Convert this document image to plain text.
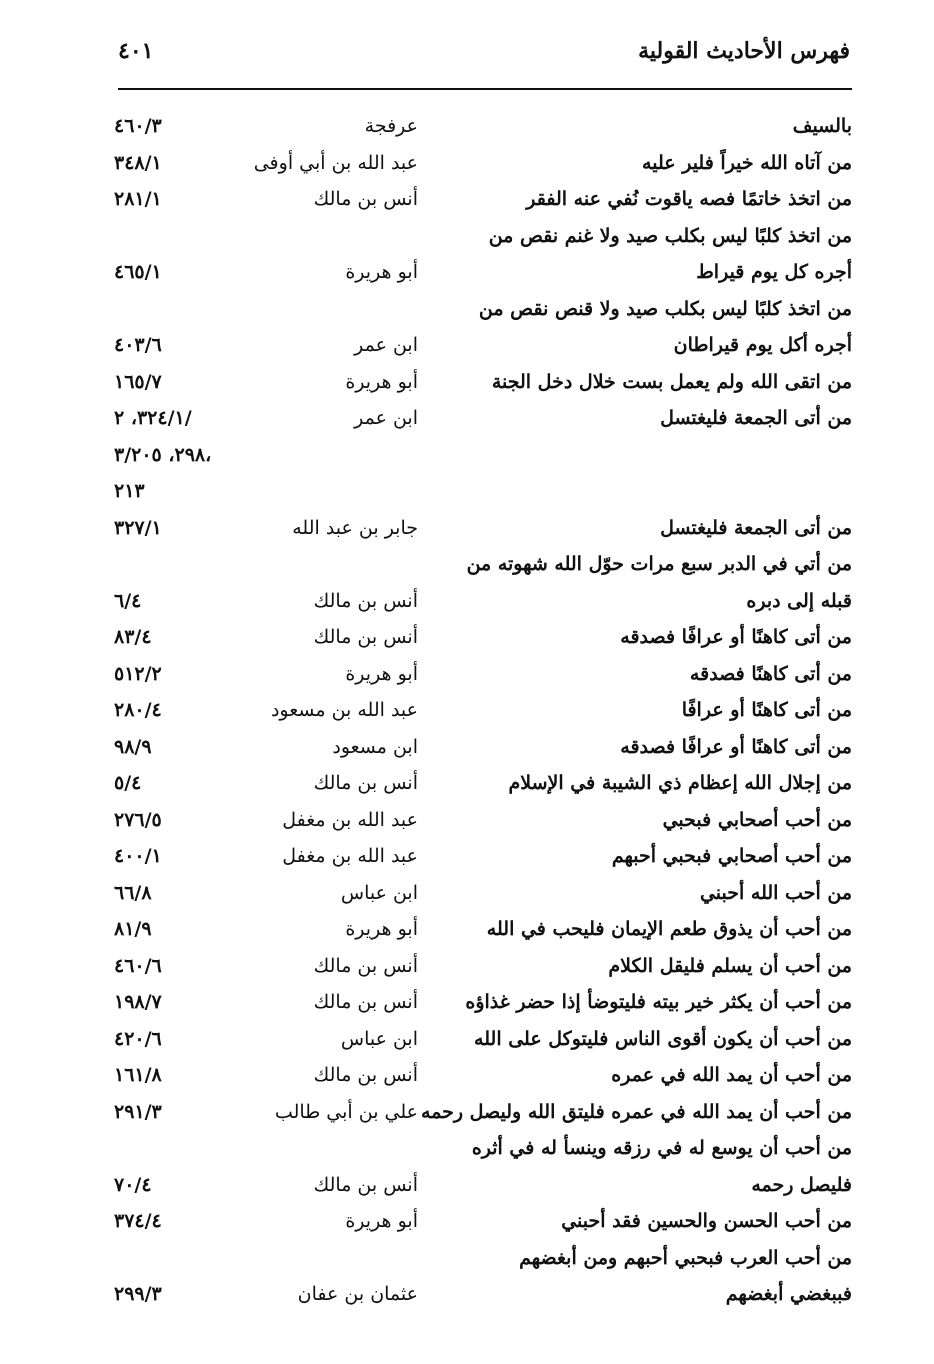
فهرس الأحاديث القولية
٤٠١
بالسيف
عرفجة
٤٦٠/٣
من آتاه الله خيراً فلير عليه
عبد الله بن أبي أوفى
٣٤٨/١
من اتخذ خاتمًا فصه ياقوت نُفي عنه الفقر
أنس بن مالك
٢٨١/١
من اتخذ كلبًا ليس بكلب صيد ولا غنم نقص من
أجره كل يوم قيراط
أبو هريرة
٤٦٥/١
من اتخذ كلبًا ليس بكلب صيد ولا قنص نقص من
أجره أكل يوم قيراطان
ابن عمر
٤٠٣/٦
من اتقى الله ولم يعمل بست خلال دخل الجنة
أبو هريرة
١٦٥/٧
من أتى الجمعة فليغتسل
ابن عمر
٣٢٤/١، ٢/
٢٩٨، ٣/٢٠٥،
٢١٣
من أتى الجمعة فليغتسل
جابر بن عبد الله
٣٢٧/١
من أتي في الدبر سبع مرات حوّل الله شهوته من
قبله إلى دبره
أنس بن مالك
٦/٤
من أتى كاهنًا أو عرافًا فصدقه
أنس بن مالك
٨٣/٤
من أتى كاهنًا فصدقه
أبو هريرة
٥١٢/٢
من أتى كاهنًا أو عرافًا
عبد الله بن مسعود
٢٨٠/٤
من أتى كاهنًا أو عرافًا فصدقه
ابن مسعود
٩٨/٩
من إجلال الله إعظام ذي الشيبة في الإسلام
أنس بن مالك
٥/٤
من أحب أصحابي فبحبي
عبد الله بن مغفل
٢٧٦/٥
من أحب أصحابي فبحبي أحبهم
عبد الله بن مغفل
٤٠٠/١
من أحب الله أحبني
ابن عباس
٦٦/٨
من أحب أن يذوق طعم الإيمان فليحب في الله
أبو هريرة
٨١/٩
من أحب أن يسلم فليقل الكلام
أنس بن مالك
٤٦٠/٦
من أحب أن يكثر خير بيته فليتوضأ إذا حضر غذاؤه
أنس بن مالك
١٩٨/٧
من أحب أن يكون أقوى الناس فليتوكل على الله
ابن عباس
٤٢٠/٦
من أحب أن يمد الله في عمره
أنس بن مالك
١٦١/٨
من أحب أن يمد الله في عمره فليتق الله وليصل رحمه
علي بن أبي طالب
٢٩١/٣
من أحب أن يوسع له في رزقه وينسأ له في أثره
فليصل رحمه
أنس بن مالك
٧٠/٤
من أحب الحسن والحسين فقد أحبني
أبو هريرة
٣٧٤/٤
من أحب العرب فبحبي أحبهم ومن أبغضهم
فببغضي أبغضهم
عثمان بن عفان
٢٩٩/٣
